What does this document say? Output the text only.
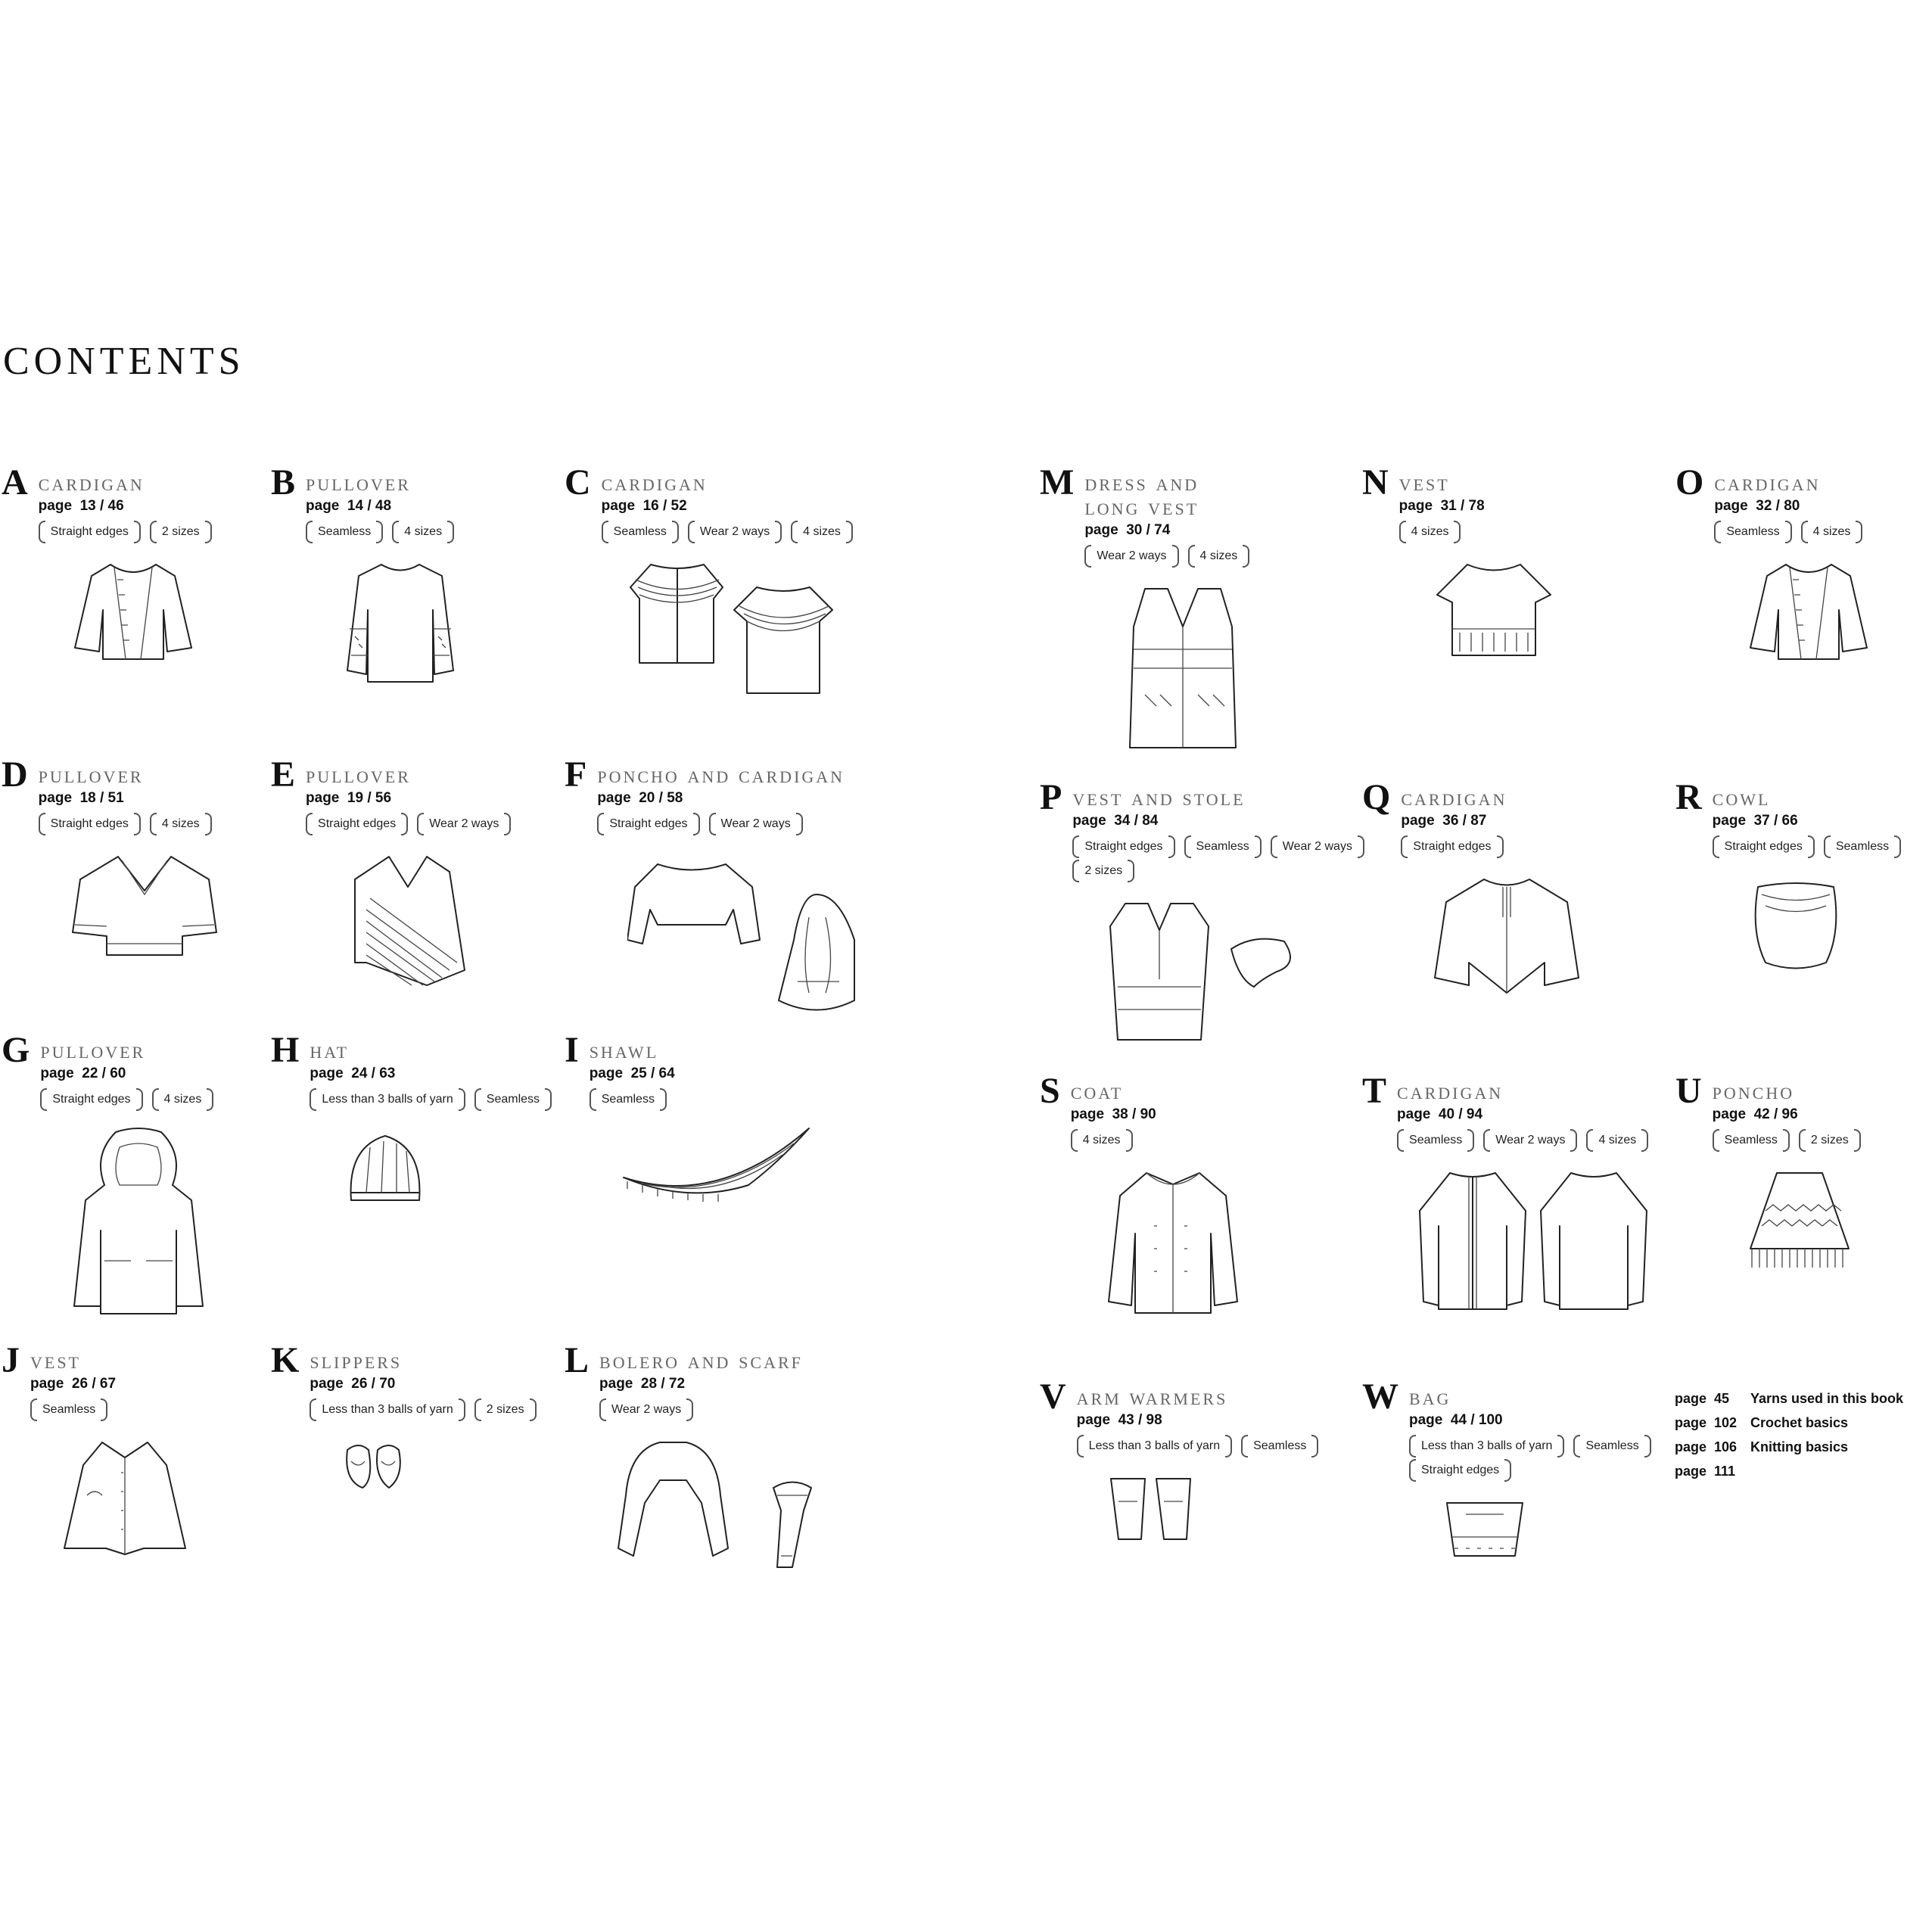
CONTENTS
A cardigan
page  13 / 46
Straight edges	2 sizes
B pullover
page  14 / 48
Seamless	4 sizes
C cardigan
page  16 / 52
Seamless	Wear 2 ways	4 sizes
D pullover
page  18 / 51
Straight edges	4 sizes
E pullover
page  19 / 56
Straight edges	Wear 2 ways
F poncho and cardigan
page  20 / 58
Straight edges	Wear 2 ways
G pullover
page  22 / 60
Straight edges	4 sizes
H hat
page  24 / 63
Less than 3 balls of yarn	Seamless
I shawl
page  25 / 64
Seamless
J vest
page  26 / 67
Seamless
K slippers
page  26 / 70
Less than 3 balls of yarn	2 sizes
L bolero and scarf
page  28 / 72
Wear 2 ways
M dress and
long vest
page  30 / 74
Wear 2 ways	4 sizes
N vest
page  31 / 78
4 sizes
O cardigan
page  32 / 80
Seamless	4 sizes
P vest and stole
page  34 / 84
Straight edges	Seamless	Wear 2 ways
2 sizes
Q cardigan
page  36 / 87
Straight edges
R cowl
page  37 / 66
Straight edges	Seamless
S coat
page  38 / 90
4 sizes
T cardigan
page  40 / 94
Seamless	Wear 2 ways	4 sizes
U poncho
page  42 / 96
Seamless	2 sizes
V arm warmers
page  43 / 98
Less than 3 balls of yarn	Seamless
W bag
page  44 / 100
Less than 3 balls of yarn	Seamless
Straight edges
page  45	Yarns used in this book
page  102 Crochet basics
page  106 Knitting basics
page  111
